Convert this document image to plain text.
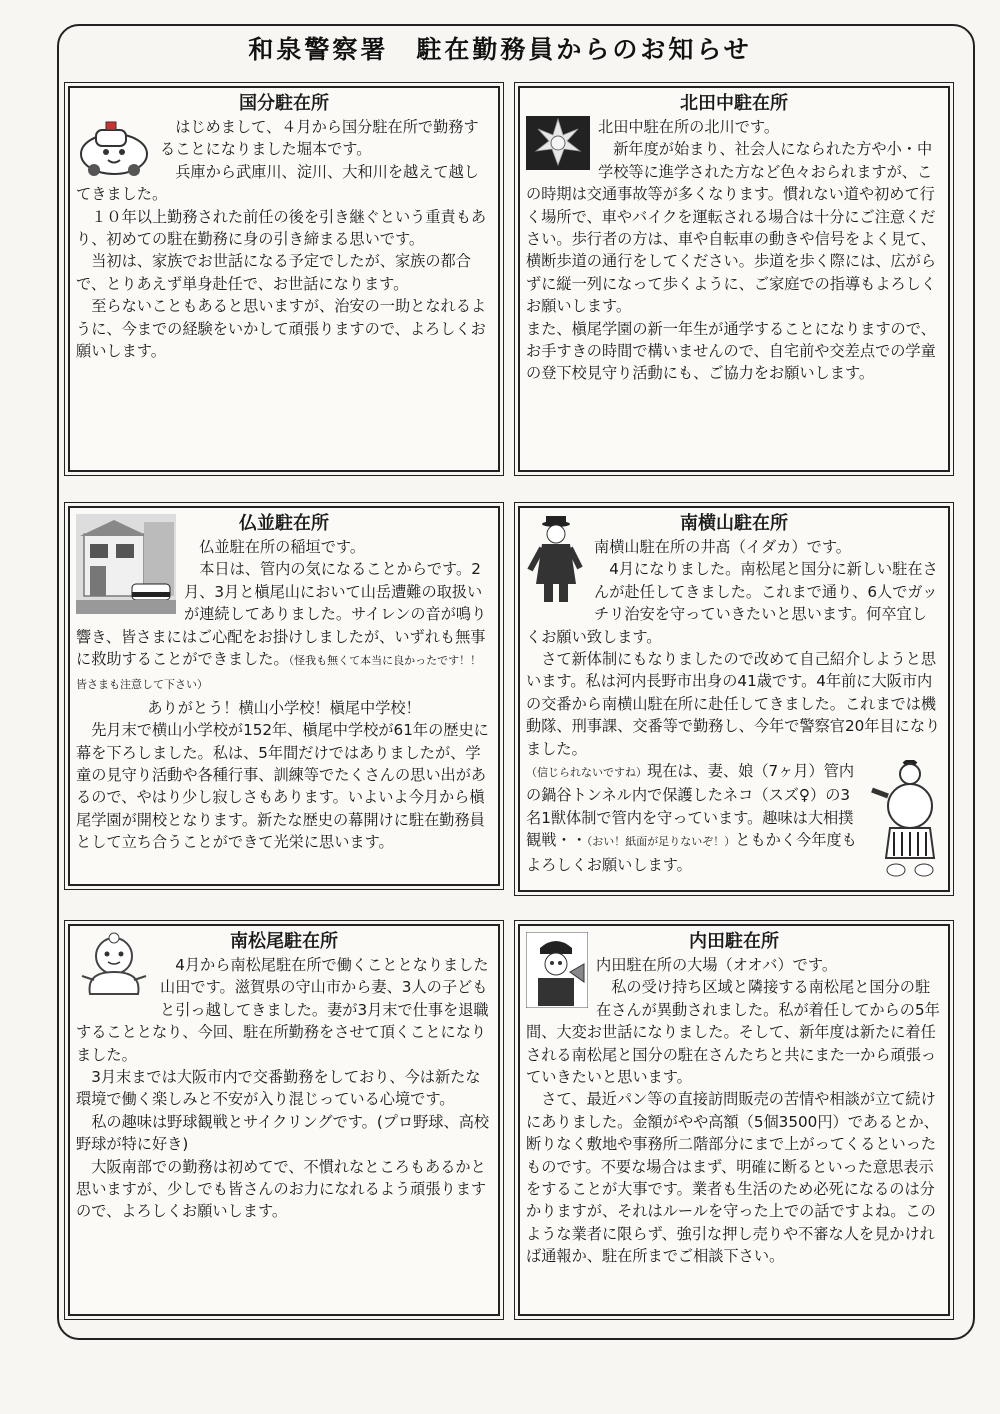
和泉警察署　駐在勤務員からのお知らせ
国分駐在所

はじめまして、４月から国分駐在所で勤務することになりました堀本です。

兵庫から武庫川、淀川、大和川を越えて越してきました。

１０年以上勤務された前任の後を引き継ぐという重責もあり、初めての駐在勤務に身の引き締まる思いです。

当初は、家族でお世話になる予定でしたが、家族の都合で、とりあえず単身赴任で、お世話になります。

至らないこともあると思いますが、治安の一助となれるように、今までの経験をいかして頑張りますので、よろしくお願いします。

北田中駐在所

北田中駐在所の北川です。

新年度が始まり、社会人になられた方や小・中学校等に進学された方など色々おられますが、この時期は交通事故等が多くなります。慣れない道や初めて行く場所で、車やバイクを運転される場合は十分にご注意ください。歩行者の方は、車や自転車の動きや信号をよく見て、横断歩道の通行をしてください。歩道を歩く際には、広がらずに縦一列になって歩くように、ご家庭での指導もよろしくお願いします。

また、槇尾学園の新一年生が通学することになりますので、お手すきの時間で構いませんので、自宅前や交差点での学童の登下校見守り活動にも、ご協力をお願いします。

仏並駐在所

仏並駐在所の稲垣です。

本日は、管内の気になることからです。2月、3月と槇尾山において山岳遭難の取扱いが連続してありました。サイレンの音が鳴り響き、皆さまにはご心配をお掛けしましたが、いずれも無事に救助することができました。（怪我も無くて本当に良かったです！！皆さまも注意して下さい）

ありがとう！横山小学校！槇尾中学校！

先月末で横山小学校が152年、槇尾中学校が61年の歴史に幕を下ろしました。私は、5年間だけではありましたが、学童の見守り活動や各種行事、訓練等でたくさんの思い出があるので、やはり少し寂しさもあります。いよいよ今月から槇尾学園が開校となります。新たな歴史の幕開けに駐在勤務員として立ち合うことができて光栄に思います。

南横山駐在所

南横山駐在所の井髙（イダカ）です。

4月になりました。南松尾と国分に新しい駐在さんが赴任してきました。これまで通り、6人でガッチリ治安を守っていきたいと思います。何卒宜しくお願い致します。

さて新体制にもなりましたので改めて自己紹介しようと思います。私は河内長野市出身の41歳です。4年前に大阪市内の交番から南横山駐在所に赴任してきました。これまでは機動隊、刑事課、交番等で勤務し、今年で警察官20年目になりました。

（信じられないですね）現在は、妻、娘（7ヶ月）管内の鍋谷トンネル内で保護したネコ（スズ♀）の3名1獣体制で管内を守っています。趣味は大相撲観戦・・（おい！紙面が足りないぞ！）ともかく今年度もよろしくお願いします。

南松尾駐在所

4月から南松尾駐在所で働くこととなりました山田です。滋賀県の守山市から妻、3人の子どもと引っ越してきました。妻が3月末で仕事を退職することとなり、今回、駐在所勤務をさせて頂くことになりました。

3月末までは大阪市内で交番勤務をしており、今は新たな環境で働く楽しみと不安が入り混じっている心境です。

私の趣味は野球観戦とサイクリングです。(プロ野球、高校野球が特に好き)

大阪南部での勤務は初めてで、不慣れなところもあるかと思いますが、少しでも皆さんのお力になれるよう頑張りますので、よろしくお願いします。

内田駐在所

内田駐在所の大場（オオバ）です。

私の受け持ち区域と隣接する南松尾と国分の駐在さんが異動されました。私が着任してからの5年間、大変お世話になりました。そして、新年度は新たに着任される南松尾と国分の駐在さんたちと共にまた一から頑張っていきたいと思います。

さて、最近パン等の直接訪問販売の苦情や相談が立て続けにありました。金額がやや高額（5個3500円）であるとか、断りなく敷地や事務所二階部分にまで上がってくるといったものです。不要な場合はまず、明確に断るといった意思表示をすることが大事です。業者も生活のため必死になるのは分かりますが、それはルールを守った上での話ですよね。このような業者に限らず、強引な押し売りや不審な人を見かければ通報か、駐在所までご相談下さい。
